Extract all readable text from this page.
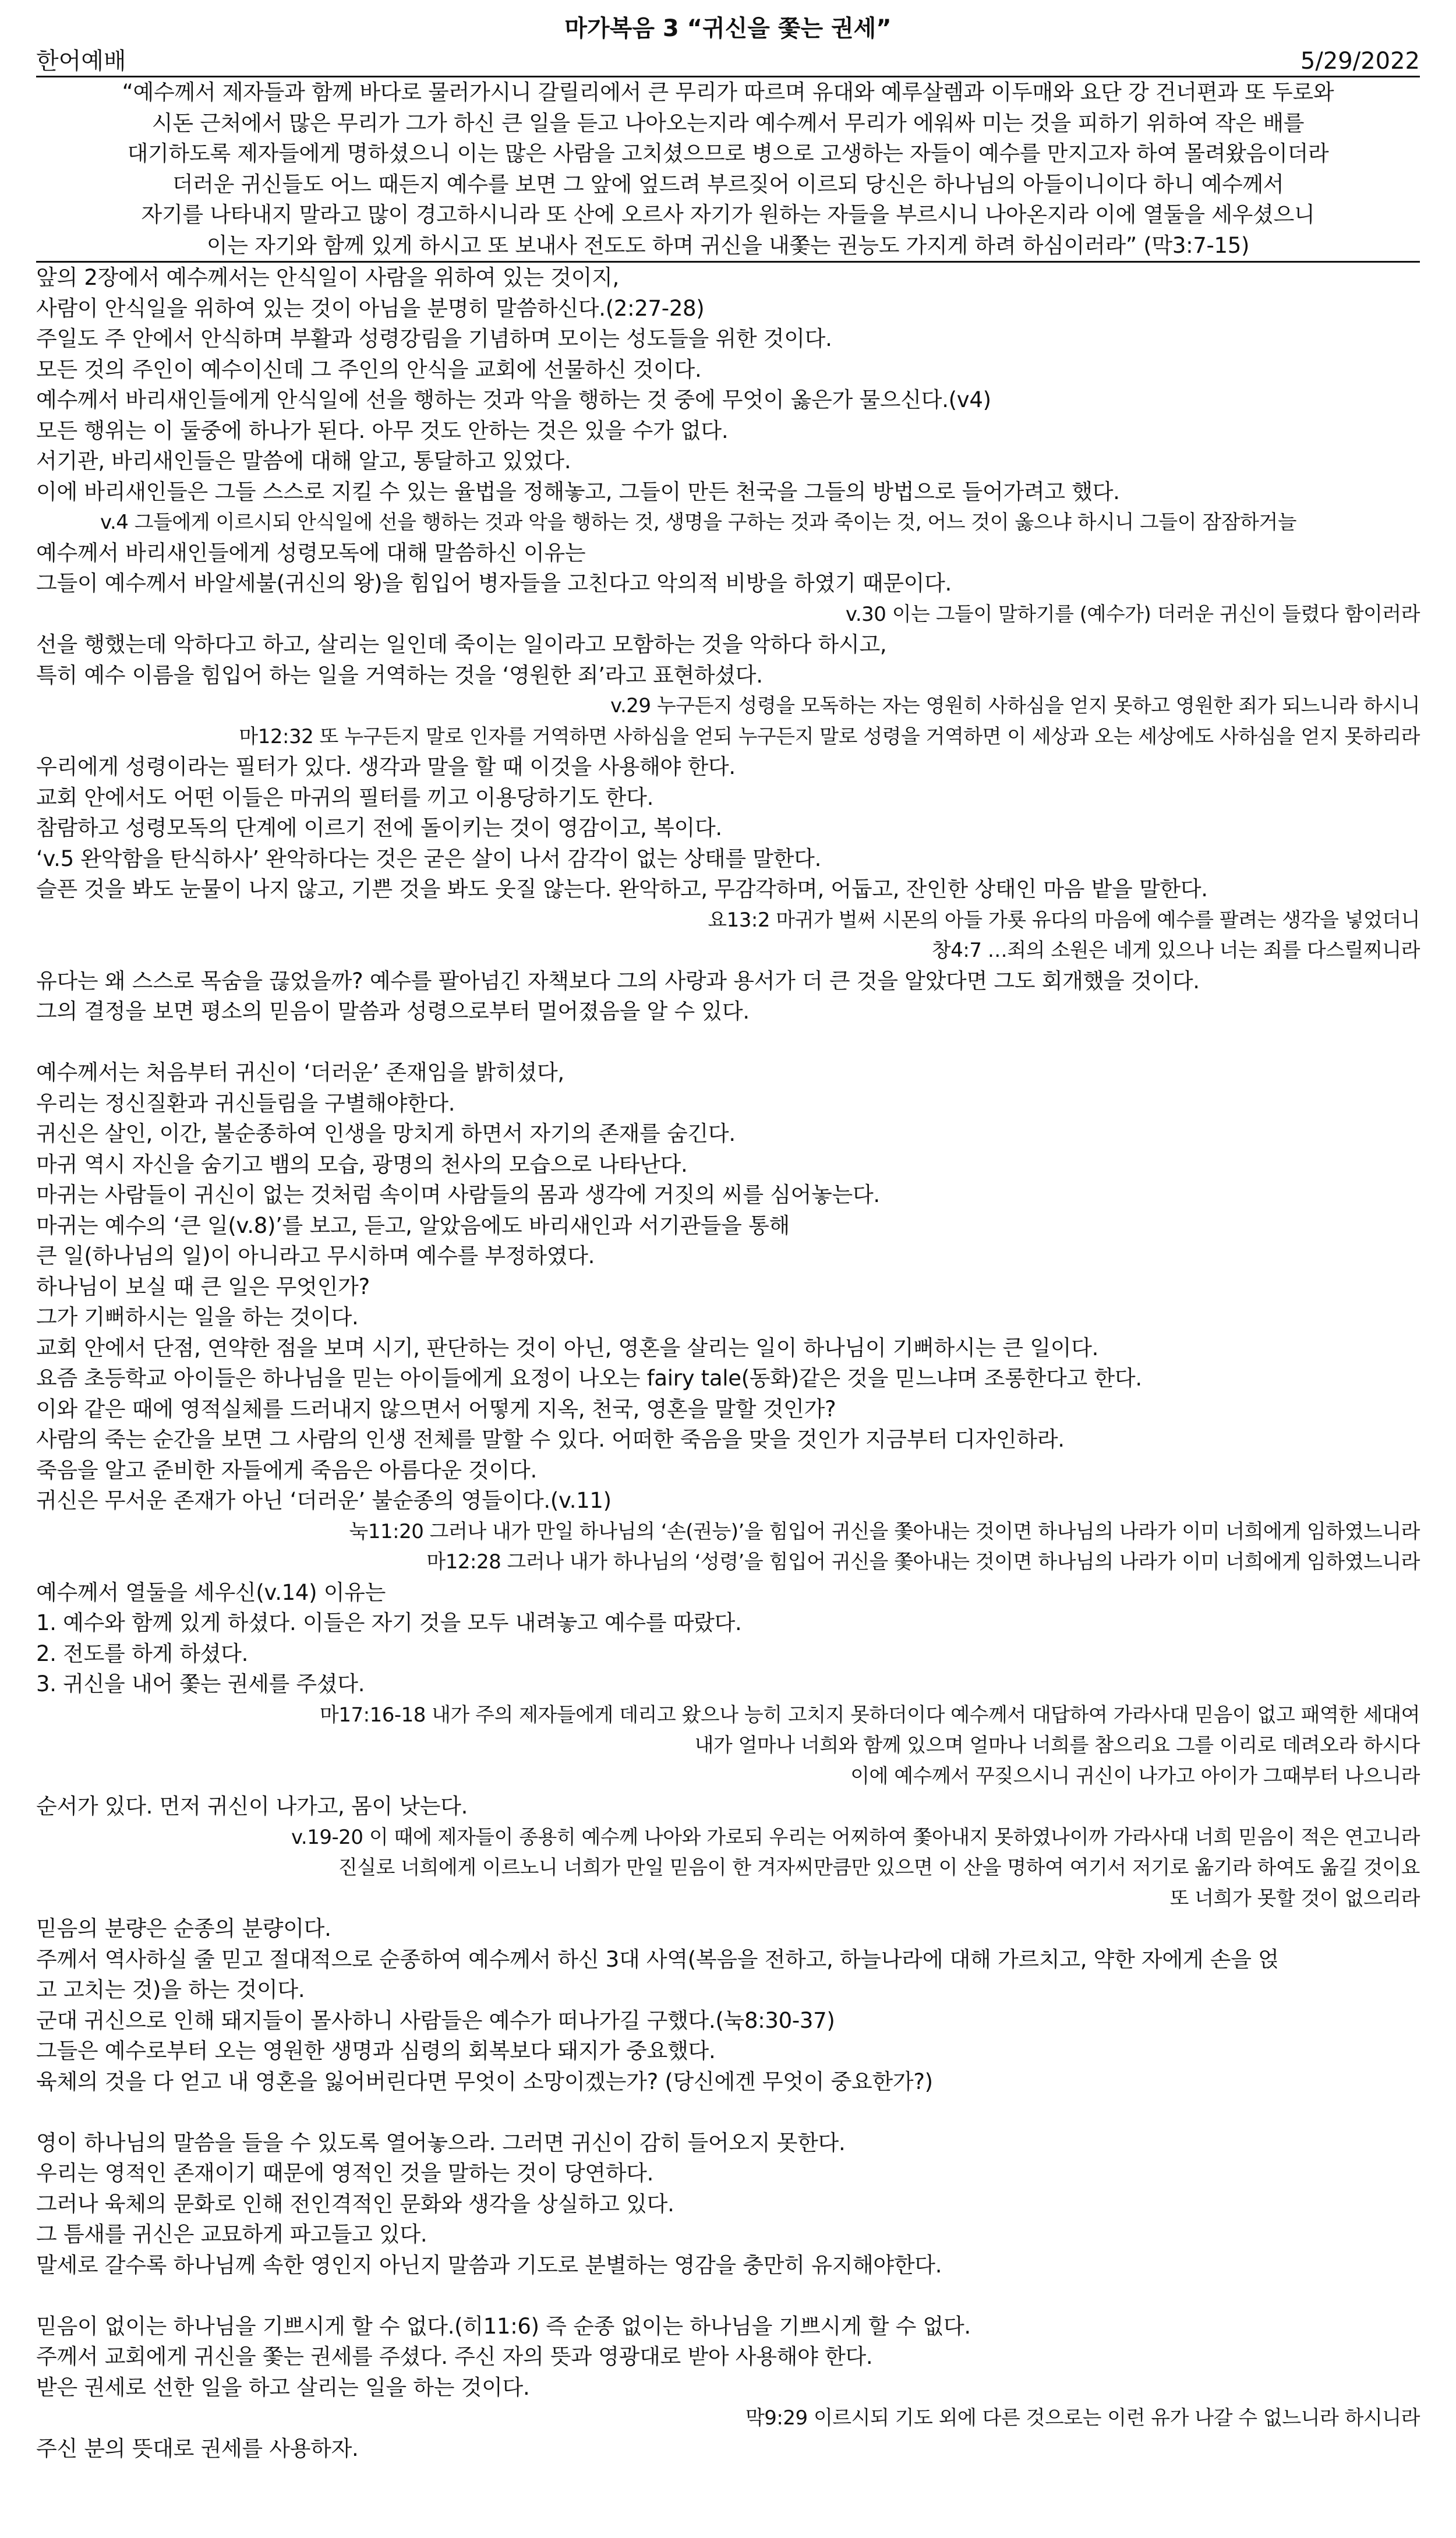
마가복음 3 “귀신을 쫓는 권세”
한어예배	5/29/2022
“예수께서 제자들과 함께 바다로 물러가시니 갈릴리에서 큰 무리가 따르며 유대와 예루살렘과 이두매와 요단 강 건너편과 또 두로와
시돈 근처에서 많은 무리가 그가 하신 큰 일을 듣고 나아오는지라 예수께서 무리가 에워싸 미는 것을 피하기 위하여 작은 배를
대기하도록 제자들에게 명하셨으니 이는 많은 사람을 고치셨으므로 병으로 고생하는 자들이 예수를 만지고자 하여 몰려왔음이더라
더러운 귀신들도 어느 때든지 예수를 보면 그 앞에 엎드려 부르짖어 이르되 당신은 하나님의 아들이니이다 하니 예수께서
자기를 나타내지 말라고 많이 경고하시니라 또 산에 오르사 자기가 원하는 자들을 부르시니 나아온지라 이에 열둘을 세우셨으니
이는 자기와 함께 있게 하시고 또 보내사 전도도 하며 귀신을 내쫓는 권능도 가지게 하려 하심이러라” (막3:7-15)
앞의 2장에서 예수께서는 안식일이 사람을 위하여 있는 것이지,
사람이 안식일을 위하여 있는 것이 아님을 분명히 말씀하신다.(2:27-28)
주일도 주 안에서 안식하며 부활과 성령강림을 기념하며 모이는 성도들을 위한 것이다.
모든 것의 주인이 예수이신데 그 주인의 안식을 교회에 선물하신 것이다.
예수께서 바리새인들에게 안식일에 선을 행하는 것과 악을 행하는 것 중에 무엇이 옳은가 물으신다.(v4)
모든 행위는 이 둘중에 하나가 된다. 아무 것도 안하는 것은 있을 수가 없다.
서기관, 바리새인들은 말씀에 대해 알고, 통달하고 있었다.
이에 바리새인들은 그들 스스로 지킬 수 있는 율법을 정해놓고, 그들이 만든 천국을 그들의 방법으로 들어가려고 했다.
v.4 그들에게 이르시되 안식일에 선을 행하는 것과 악을 행하는 것, 생명을 구하는 것과 죽이는 것, 어느 것이 옳으냐 하시니 그들이 잠잠하거늘
예수께서 바리새인들에게 성령모독에 대해 말씀하신 이유는
그들이 예수께서 바알세불(귀신의 왕)을 힘입어 병자들을 고친다고 악의적 비방을 하였기 때문이다.
v.30 이는 그들이 말하기를 (예수가) 더러운 귀신이 들렸다 함이러라
선을 행했는데 악하다고 하고, 살리는 일인데 죽이는 일이라고 모함하는 것을 악하다 하시고,
특히 예수 이름을 힘입어 하는 일을 거역하는 것을 ‘영원한 죄’라고 표현하셨다.
v.29 누구든지 성령을 모독하는 자는 영원히 사하심을 얻지 못하고 영원한 죄가 되느니라 하시니
마12:32 또 누구든지 말로 인자를 거역하면 사하심을 얻되 누구든지 말로 성령을 거역하면 이 세상과 오는 세상에도 사하심을 얻지 못하리라
우리에게 성령이라는 필터가 있다. 생각과 말을 할 때 이것을 사용해야 한다.
교회 안에서도 어떤 이들은 마귀의 필터를 끼고 이용당하기도 한다.
참람하고 성령모독의 단계에 이르기 전에 돌이키는 것이 영감이고, 복이다.
‘v.5 완악함을 탄식하사’ 완악하다는 것은 굳은 살이 나서 감각이 없는 상태를 말한다.
슬픈 것을 봐도 눈물이 나지 않고, 기쁜 것을 봐도 웃질 않는다. 완악하고, 무감각하며, 어둡고, 잔인한 상태인 마음 밭을 말한다.
요13:2 마귀가 벌써 시몬의 아들 가룟 유다의 마음에 예수를 팔려는 생각을 넣었더니
창4:7 …죄의 소원은 네게 있으나 너는 죄를 다스릴찌니라
유다는 왜 스스로 목숨을 끊었을까? 예수를 팔아넘긴 자책보다 그의 사랑과 용서가 더 큰 것을 알았다면 그도 회개했을 것이다.
그의 결정을 보면 평소의 믿음이 말씀과 성령으로부터 멀어졌음을 알 수 있다.
예수께서는 처음부터 귀신이 ‘더러운’ 존재임을 밝히셨다,
우리는 정신질환과 귀신들림을 구별해야한다.
귀신은 살인, 이간, 불순종하여 인생을 망치게 하면서 자기의 존재를 숨긴다.
마귀 역시 자신을 숨기고 뱀의 모습, 광명의 천사의 모습으로 나타난다.
마귀는 사람들이 귀신이 없는 것처럼 속이며 사람들의 몸과 생각에 거짓의 씨를 심어놓는다.
마귀는 예수의 ‘큰 일(v.8)’를 보고, 듣고, 알았음에도 바리새인과 서기관들을 통해
큰 일(하나님의 일)이 아니라고 무시하며 예수를 부정하였다.
하나님이 보실 때 큰 일은 무엇인가?
그가 기뻐하시는 일을 하는 것이다.
교회 안에서 단점, 연약한 점을 보며 시기, 판단하는 것이 아닌, 영혼을 살리는 일이 하나님이 기뻐하시는 큰 일이다.
요즘 초등학교 아이들은 하나님을 믿는 아이들에게 요정이 나오는 fairy tale(동화)같은 것을 믿느냐며 조롱한다고 한다.
이와 같은 때에 영적실체를 드러내지 않으면서 어떻게 지옥, 천국, 영혼을 말할 것인가?
사람의 죽는 순간을 보면 그 사람의 인생 전체를 말할 수 있다. 어떠한 죽음을 맞을 것인가 지금부터 디자인하라.
죽음을 알고 준비한 자들에게 죽음은 아름다운 것이다.
귀신은 무서운 존재가 아닌 ‘더러운’ 불순종의 영들이다.(v.11)
눅11:20 그러나 내가 만일 하나님의 ‘손(권능)’을 힘입어 귀신을 쫓아내는 것이면 하나님의 나라가 이미 너희에게 임하였느니라
마12:28 그러나 내가 하나님의 ‘성령’을 힘입어 귀신을 쫓아내는 것이면 하나님의 나라가 이미 너희에게 임하였느니라
예수께서 열둘을 세우신(v.14) 이유는
1. 예수와 함께 있게 하셨다. 이들은 자기 것을 모두 내려놓고 예수를 따랐다.
2. 전도를 하게 하셨다.
3. 귀신을 내어 쫓는 권세를 주셨다.
마17:16-18 내가 주의 제자들에게 데리고 왔으나 능히 고치지 못하더이다 예수께서 대답하여 가라사대 믿음이 없고 패역한 세대여
내가 얼마나 너희와 함께 있으며 얼마나 너희를 참으리요 그를 이리로 데려오라 하시다
이에 예수께서 꾸짖으시니 귀신이 나가고 아이가 그때부터 나으니라
순서가 있다. 먼저 귀신이 나가고, 몸이 낫는다.
v.19-20 이 때에 제자들이 종용히 예수께 나아와 가로되 우리는 어찌하여 쫓아내지 못하였나이까 가라사대 너희 믿음이 적은 연고니라
진실로 너희에게 이르노니 너희가 만일 믿음이 한 겨자씨만큼만 있으면 이 산을 명하여 여기서 저기로 옮기라 하여도 옮길 것이요
또 너희가 못할 것이 없으리라
믿음의 분량은 순종의 분량이다.
주께서 역사하실 줄 믿고 절대적으로 순종하여 예수께서 하신 3대 사역(복음을 전하고, 하늘나라에 대해 가르치고, 약한 자에게 손을 얹
고 고치는 것)을 하는 것이다.
군대 귀신으로 인해 돼지들이 몰사하니 사람들은 예수가 떠나가길 구했다.(눅8:30-37)
그들은 예수로부터 오는 영원한 생명과 심령의 회복보다 돼지가 중요했다.
육체의 것을 다 얻고 내 영혼을 잃어버린다면 무엇이 소망이겠는가? (당신에겐 무엇이 중요한가?)
영이 하나님의 말씀을 들을 수 있도록 열어놓으라. 그러면 귀신이 감히 들어오지 못한다.
우리는 영적인 존재이기 때문에 영적인 것을 말하는 것이 당연하다.
그러나 육체의 문화로 인해 전인격적인 문화와 생각을 상실하고 있다.
그 틈새를 귀신은 교묘하게 파고들고 있다.
말세로 갈수록 하나님께 속한 영인지 아닌지 말씀과 기도로 분별하는 영감을 충만히 유지해야한다.
믿음이 없이는 하나님을 기쁘시게 할 수 없다.(히11:6) 즉 순종 없이는 하나님을 기쁘시게 할 수 없다.
주께서 교회에게 귀신을 쫓는 권세를 주셨다. 주신 자의 뜻과 영광대로 받아 사용해야 한다.
받은 권세로 선한 일을 하고 살리는 일을 하는 것이다.
막9:29 이르시되 기도 외에 다른 것으로는 이런 유가 나갈 수 없느니라 하시니라
주신 분의 뜻대로 권세를 사용하자.
